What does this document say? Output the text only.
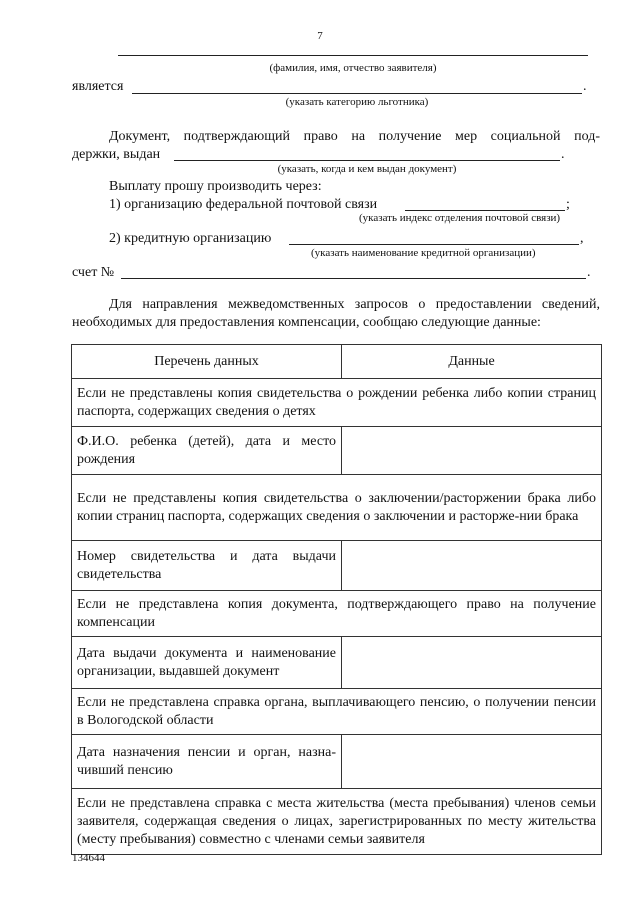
7
(фамилия, имя, отчество заявителя)
является	.
(указать категорию льготника)
Документ, подтверждающий право на получение мер социальной под-
держки, выдан	.
(указать, когда и кем выдан документ)
Выплату прошу производить через:
1) организацию федеральной почтовой связи	;
(указать индекс отделения почтовой связи)
2) кредитную организацию	,
(указать наименование кредитной организации)
счет №	.
Для направления межведомственных запросов о предоставлении сведений,
необходимых для предоставления компенсации, сообщаю следующие данные:
Перечень данных	Данные
Если не представлены копия свидетельства о рождении ребенка либо копии страниц паспорта, содержащих сведения о детях	
Ф.И.О. ребенка (детей), дата и место рождения	
Если не представлены копия свидетельства о заключении/расторжении брака либо копии страниц паспорта, содержащих сведения о заключении и расторже-нии брака	
Номер свидетельства и дата выдачи свидетельства	
Если не представлена копия документа, подтверждающего право на получение компенсации	
Дата выдачи документа и наименование организации, выдавшей документ	
Если не представлена справка органа, выплачивающего пенсию, о получении пенсии в Вологодской области	
Дата назначения пенсии и орган, назна-чивший пенсию	
Если не представлена справка с места жительства (места пребывания) членов семьи заявителя, содержащая сведения о лицах, зарегистрированных по месту жительства (месту пребывания) совместно с членами семьи заявителя	
134644
